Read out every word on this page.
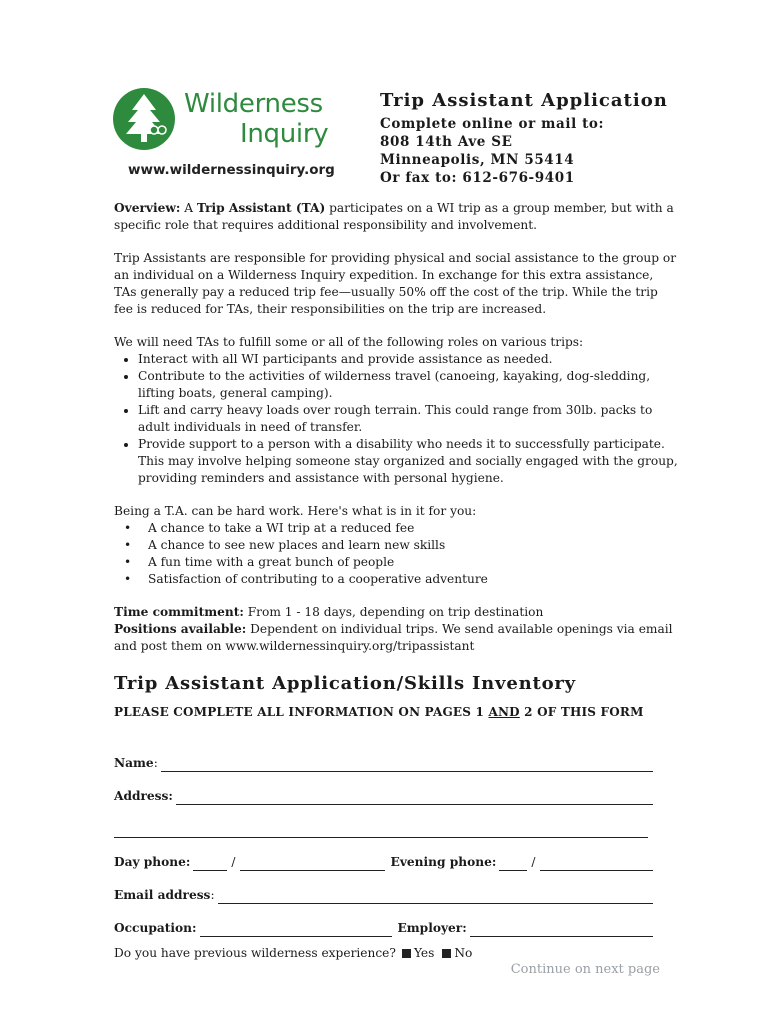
Wilderness
Inquiry
www.wildernessinquiry.org
Trip Assistant Application
Complete online or mail to:
808 14th Ave SE
Minneapolis, MN 55414
Or fax to: 612-676-9401

Overview: A Trip Assistant (TA) participates on a WI trip as a group member, but with a specific role that requires additional responsibility and involvement.

Trip Assistants are responsible for providing physical and social assistance to the group or an individual on a Wilderness Inquiry expedition. In exchange for this extra assistance, TAs generally pay a reduced trip fee—usually 50% off the cost of the trip. While the trip fee is reduced for TAs, their responsibilities on the trip are increased.

We will need TAs to fulfill some or all of the following roles on various trips:
• Interact with all WI participants and provide assistance as needed.
• Contribute to the activities of wilderness travel (canoeing, kayaking, dog-sledding, lifting boats, general camping).
• Lift and carry heavy loads over rough terrain. This could range from 30lb. packs to adult individuals in need of transfer.
• Provide support to a person with a disability who needs it to successfully participate. This may involve helping someone stay organized and socially engaged with the group, providing reminders and assistance with personal hygiene.
Being a T.A. can be hard work. Here's what is in it for you:
• A chance to take a WI trip at a reduced fee
• A chance to see new places and learn new skills
• A fun time with a great bunch of people
• Satisfaction of contributing to a cooperative adventure
Time commitment: From 1 - 18 days, depending on trip destination
Positions available: Dependent on individual trips. We send available openings via email and post them on www.wildernessinquiry.org/tripassistant
Trip Assistant Application/Skills Inventory
PLEASE COMPLETE ALL INFORMATION ON PAGES 1 AND 2 OF THIS FORM
Name :
Address:
Day phone:	/	Evening phone:	/
Email address :
Occupation:	Employer:
Do you have previous wilderness experience? Yes No
Continue on next page
